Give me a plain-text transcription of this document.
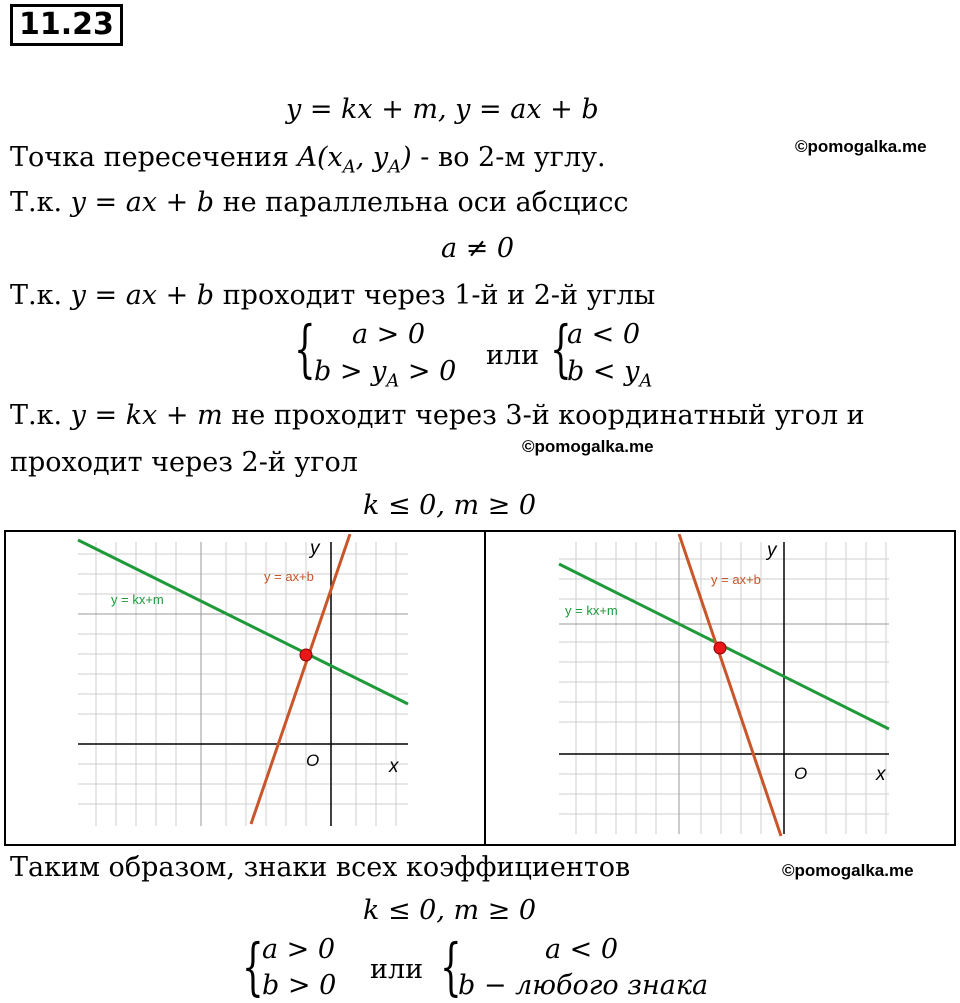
11.23
y = kx + m, y = ax + b
Точка пересечения $A(x_A$, $y_A$) - во 2-м углу.	©pomogalka.me
Т.к. y = ax + b не параллельна оси абсцисс
a ≠ 0
Т.к. y = ax + b проходит через 1-й и 2-й углы
{ a > 0
$b > y_A > 0$
или {
a < 0
$b < y_A$
Т.к. y = kx + m не проходит через 3-й координатный угол и
©pomogalka.me
проходит через 2-й угол
k ≤ 0, m ≥ 0
y = kx+m
y = ax+b
y
x
O
y = kx+m
y = ax+b
y
x
O
Таким образом, знаки всех коэффициентов	©pomogalka.me
k ≤ 0, m ≥ 0
{
a > 0
b > 0
или {	a < 0
b − любого знака
